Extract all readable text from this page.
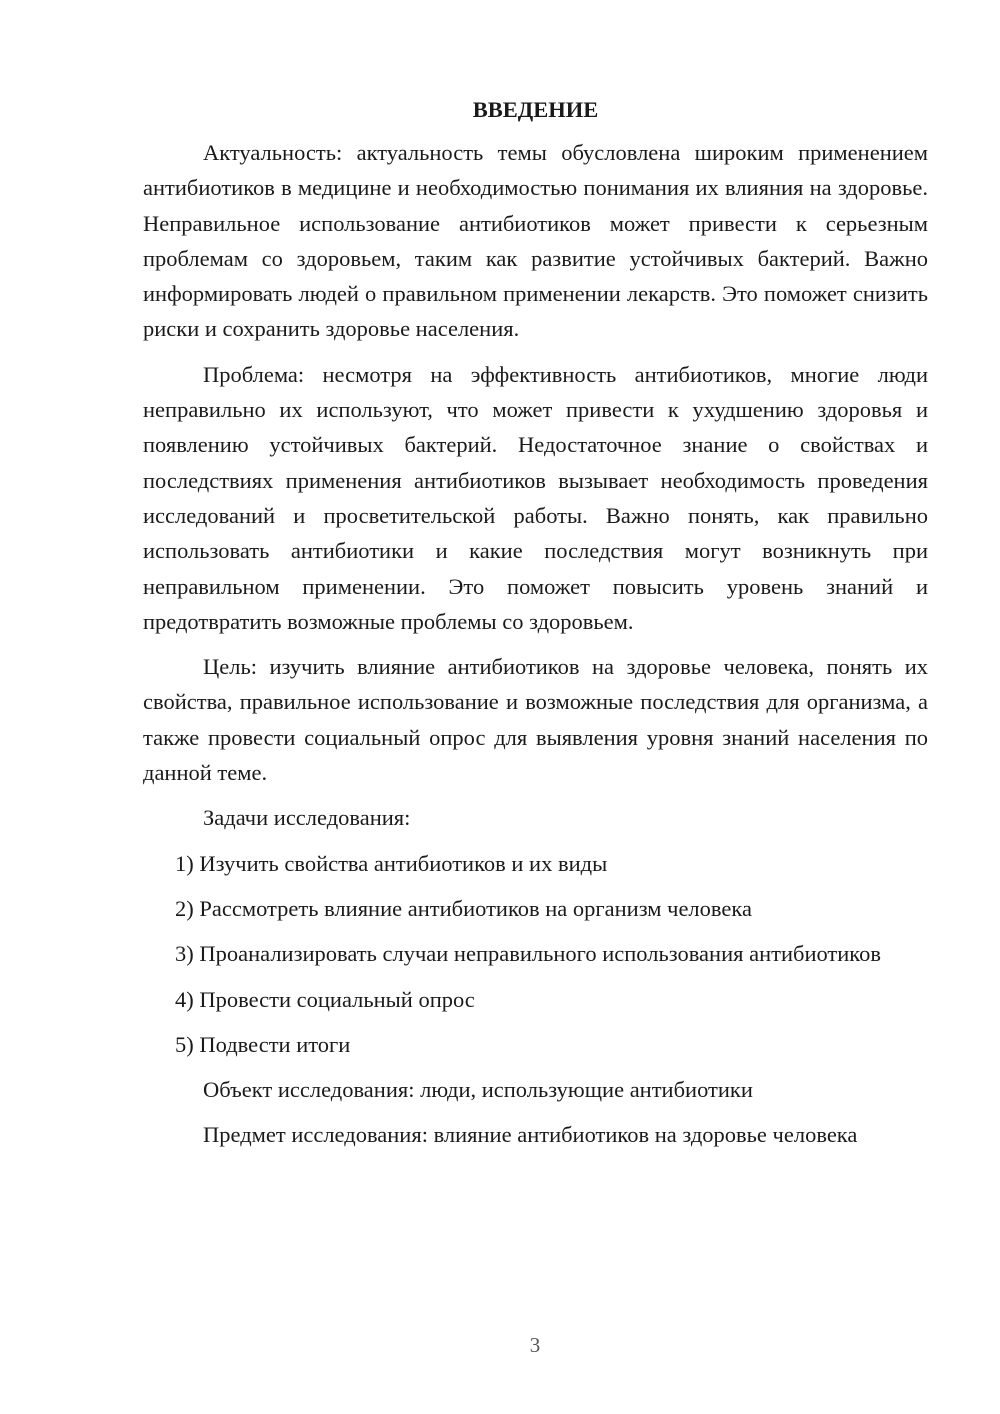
ВВЕДЕНИЕ

Актуальность: актуальность темы обусловлена широким применением антибиотиков в медицине и необходимостью понимания их влияния на здоровье. Неправильное использование антибиотиков может привести к серьезным проблемам со здоровьем, таким как развитие устойчивых бактерий. Важно информировать людей о правильном применении лекарств. Это поможет снизить риски и сохранить здоровье населения.

Проблема: несмотря на эффективность антибиотиков, многие люди неправильно их используют, что может привести к ухудшению здоровья и появлению устойчивых бактерий. Недостаточное знание о свойствах и последствиях применения антибиотиков вызывает необходимость проведения исследований и просветительской работы. Важно понять, как правильно использовать антибиотики и какие последствия могут возникнуть при неправильном применении. Это поможет повысить уровень знаний и предотвратить возможные проблемы со здоровьем.

Цель: изучить влияние антибиотиков на здоровье человека, понять их свойства, правильное использование и возможные последствия для организма, а также провести социальный опрос для выявления уровня знаний населения по данной теме.

Задачи исследования:

1) Изучить свойства антибиотиков и их виды

2) Рассмотреть влияние антибиотиков на организм человека

3) Проанализировать случаи неправильного использования антибиотиков

4) Провести социальный опрос

5) Подвести итоги

Объект исследования: люди, использующие антибиотики

Предмет исследования: влияние антибиотиков на здоровье человека

3
